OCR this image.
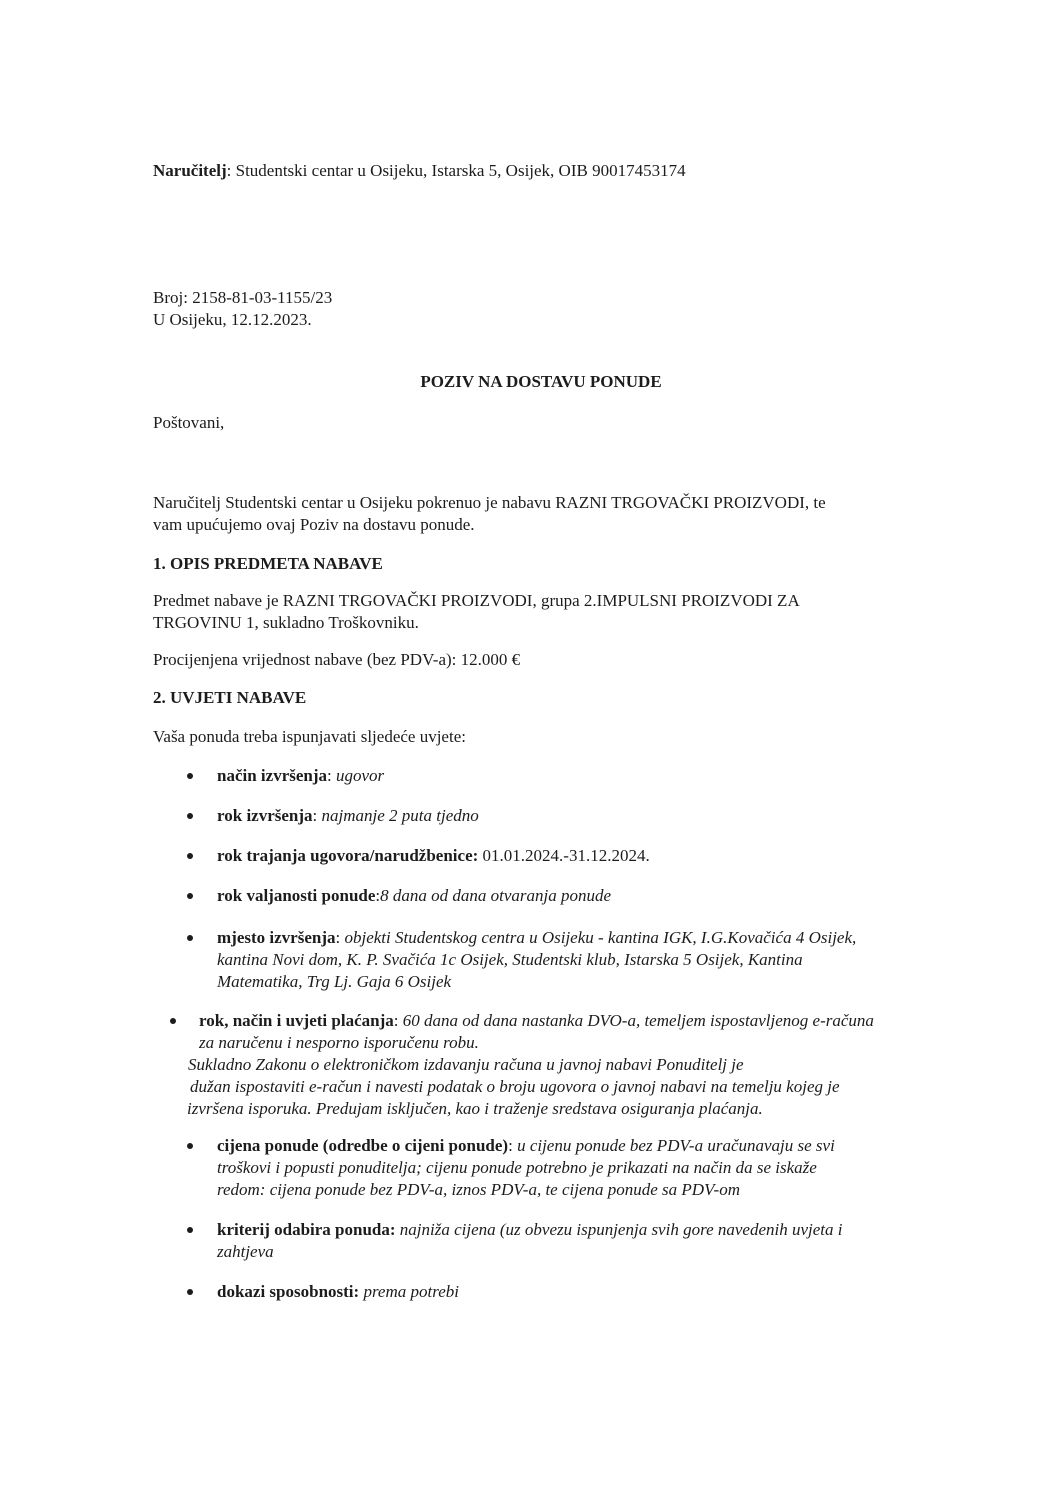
Naručitelj: Studentski centar u Osijeku, Istarska 5, Osijek, OIB 90017453174
Broj: 2158-81-03-1155/23
U Osijeku, 12.12.2023.
POZIV NA DOSTAVU PONUDE
Poštovani,
Naručitelj Studentski centar u Osijeku pokrenuo je nabavu RAZNI TRGOVAČKI PROIZVODI, te
vam upućujemo ovaj Poziv na dostavu ponude.
1. OPIS PREDMETA NABAVE
Predmet nabave je RAZNI TRGOVAČKI PROIZVODI, grupa 2.IMPULSNI PROIZVODI ZA
TRGOVINU 1, sukladno Troškovniku.
Procijenjena vrijednost nabave (bez PDV-a): 12.000 €
2. UVJETI NABAVE
Vaša ponuda treba ispunjavati sljedeće uvjete:
način izvršenja: ugovor
rok izvršenja: najmanje 2 puta tjedno
rok trajanja ugovora/narudžbenice: 01.01.2024.-31.12.2024.
rok valjanosti ponude:8 dana od dana otvaranja ponude
mjesto izvršenja: objekti Studentskog centra u Osijeku - kantina IGK, I.G.Kovačića 4 Osijek,
kantina Novi dom, K. P. Svačića 1c Osijek, Studentski klub, Istarska 5 Osijek, Kantina
Matematika, Trg Lj. Gaja 6 Osijek
rok, način i uvjeti plaćanja: 60 dana od dana nastanka DVO-a, temeljem ispostavljenog e-računa
za naručenu i nesporno isporučenu robu.
Sukladno Zakonu o elektroničkom izdavanju računa u javnoj nabavi Ponuditelj je
dužan ispostaviti e-račun i navesti podatak o broju ugovora o javnoj nabavi na temelju kojeg je
izvršena isporuka. Predujam isključen, kao i traženje sredstava osiguranja plaćanja.
cijena ponude (odredbe o cijeni ponude): u cijenu ponude bez PDV-a uračunavaju se svi
troškovi i popusti ponuditelja; cijenu ponude potrebno je prikazati na način da se iskaže
redom: cijena ponude bez PDV-a, iznos PDV-a, te cijena ponude sa PDV-om
kriterij odabira ponuda: najniža cijena (uz obvezu ispunjenja svih gore navedenih uvjeta i
zahtjeva
dokazi sposobnosti: prema potrebi
